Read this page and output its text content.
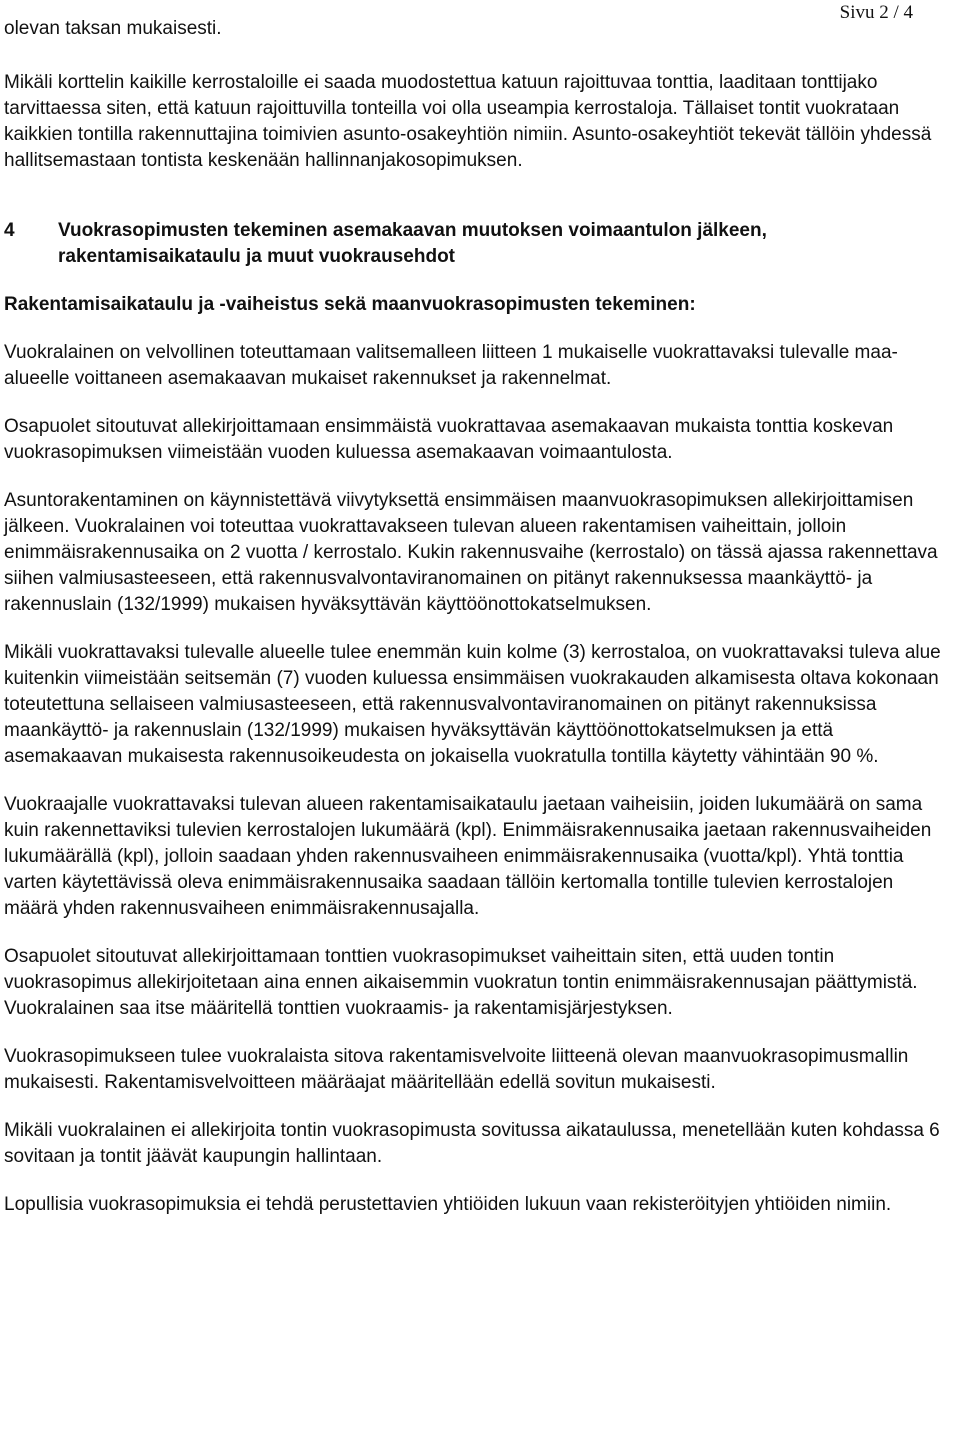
olevan taksan mukaisesti.
Sivu 2 / 4

Mikäli korttelin kaikille kerrostaloille ei saada muodostettua katuun rajoittuvaa tonttia, laaditaan tonttijako tarvittaessa siten, että katuun rajoittuvilla tonteilla voi olla useampia kerrostaloja. Tällaiset tontit vuokrataan kaikkien tontilla rakennuttajina toimivien asunto-osakeyhtiön nimiin. Asunto-osakeyhtiöt tekevät tällöin yhdessä hallitsemastaan tontista keskenään hallinnanjakosopimuksen.

4	Vuokrasopimusten tekeminen asemakaavan muutoksen voimaantulon jälkeen, rakentamisaikataulu ja muut vuokrausehdot
Rakentamisaikataulu ja -vaiheistus sekä maanvuokrasopimusten tekeminen:

Vuokralainen on velvollinen toteuttamaan valitsemalleen liitteen 1 mukaiselle vuokrattavaksi tulevalle maa-alueelle voittaneen asemakaavan mukaiset rakennukset ja rakennelmat.

Osapuolet sitoutuvat allekirjoittamaan ensimmäistä vuokrattavaa asemakaavan mukaista tonttia koskevan vuokrasopimuksen viimeistään vuoden kuluessa asemakaavan voimaantulosta.

Asuntorakentaminen on käynnistettävä viivytyksettä ensimmäisen maanvuokrasopimuksen allekirjoittamisen jälkeen. Vuokralainen voi toteuttaa vuokrattavakseen tulevan alueen rakentamisen vaiheittain, jolloin enimmäisrakennusaika on 2 vuotta / kerrostalo. Kukin rakennusvaihe (kerrostalo) on tässä ajassa rakennettava siihen valmiusasteeseen, että rakennusvalvontaviranomainen on pitänyt rakennuksessa maankäyttö- ja rakennuslain (132/1999) mukaisen hyväksyttävän käyttöönottokatselmuksen.

Mikäli vuokrattavaksi tulevalle alueelle tulee enemmän kuin kolme (3) kerrostaloa, on vuokrattavaksi tuleva alue kuitenkin viimeistään seitsemän (7) vuoden kuluessa ensimmäisen vuokrakauden alkamisesta oltava kokonaan toteutettuna sellaiseen valmiusasteeseen, että rakennusvalvontaviranomainen on pitänyt rakennuksissa maankäyttö- ja rakennuslain (132/1999) mukaisen hyväksyttävän käyttöönottokatselmuksen ja että asemakaavan mukaisesta rakennusoikeudesta on jokaisella vuokratulla tontilla käytetty vähintään 90 %.

Vuokraajalle vuokrattavaksi tulevan alueen rakentamisaikataulu jaetaan vaiheisiin, joiden lukumäärä on sama kuin rakennettaviksi tulevien kerrostalojen lukumäärä (kpl). Enimmäisrakennusaika jaetaan rakennusvaiheiden lukumäärällä (kpl), jolloin saadaan yhden rakennusvaiheen enimmäisrakennusaika (vuotta/kpl). Yhtä tonttia varten käytettävissä oleva enimmäisrakennusaika saadaan tällöin kertomalla tontille tulevien kerrostalojen määrä yhden rakennusvaiheen enimmäisrakennusajalla.

Osapuolet sitoutuvat allekirjoittamaan tonttien vuokrasopimukset vaiheittain siten, että uuden tontin vuokrasopimus allekirjoitetaan aina ennen aikaisemmin vuokratun tontin enimmäisrakennusajan päättymistä. Vuokralainen saa itse määritellä tonttien vuokraamis- ja rakentamisjärjestyksen.

Vuokrasopimukseen tulee vuokralaista sitova rakentamisvelvoite liitteenä olevan maanvuokrasopimusmallin mukaisesti. Rakentamisvelvoitteen määräajat määritellään edellä sovitun mukaisesti.

Mikäli vuokralainen ei allekirjoita tontin vuokrasopimusta sovitussa aikataulussa, menetellään kuten kohdassa 6 sovitaan ja tontit jäävät kaupungin hallintaan.

Lopullisia vuokrasopimuksia ei tehdä perustettavien yhtiöiden lukuun vaan rekisteröityjen yhtiöiden nimiin.
